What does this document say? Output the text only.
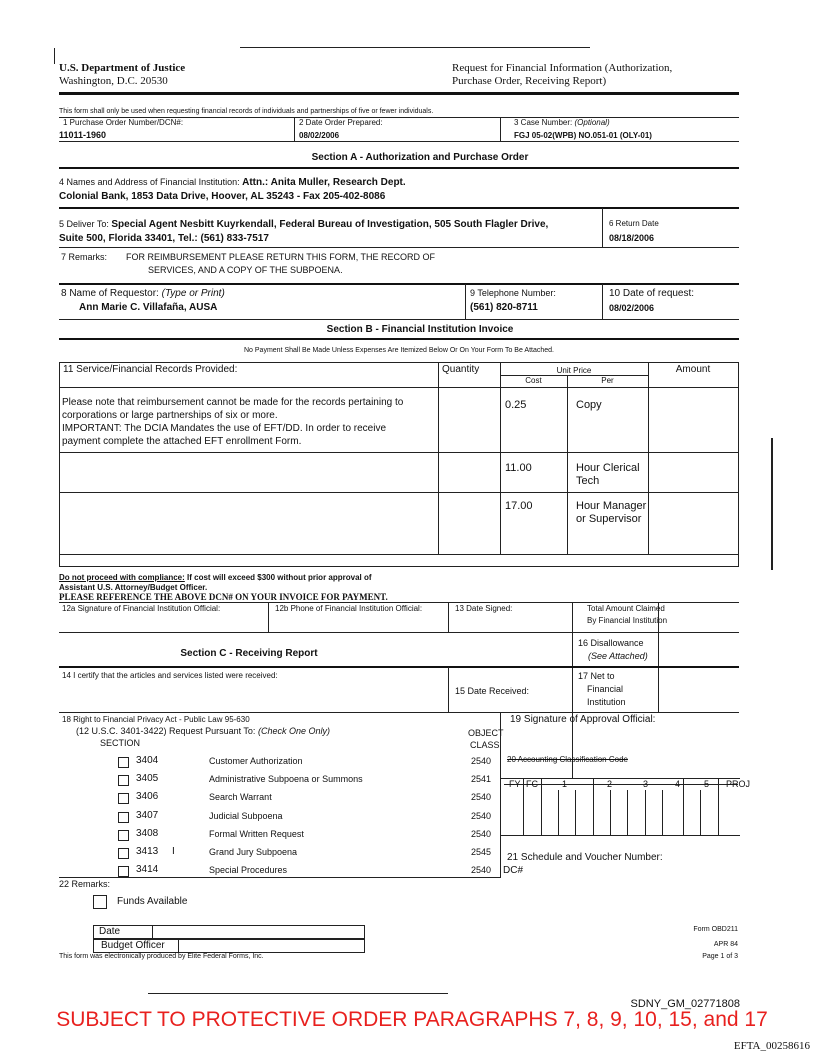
U.S. Department of Justice
Washington, D.C. 20530
Request for Financial Information (Authorization,
Purchase Order, Receiving Report)
This form shall only be used when requesting financial records of individuals and partnerships of five or fewer individuals.
1 Purchase Order Number/DCN#:
11011-1960
2 Date Order Prepared:
08/02/2006
3 Case Number: (Optional)
FGJ 05-02(WPB) NO.051-01 (OLY-01)
Section A - Authorization and Purchase Order
4 Names and Address of Financial Institution: Attn.: Anita Muller, Research Dept.
Colonial Bank, 1853 Data Drive, Hoover, AL 35243 - Fax 205-402-8086
5 Deliver To: Special Agent Nesbitt Kuyrkendall, Federal Bureau of Investigation, 505 South Flagler Drive,
Suite 500, Florida 33401, Tel.: (561) 833-7517
6 Return Date
08/18/2006
7 Remarks: FOR REIMBURSEMENT PLEASE RETURN THIS FORM, THE RECORD OF
SERVICES, AND A COPY OF THE SUBPOENA.
8 Name of Requestor: (Type or Print)
Ann Marie C. Villafaña, AUSA
9 Telephone Number:
(561) 820-8711
10 Date of request:
08/02/2006
Section B - Financial Institution Invoice
No Payment Shall Be Made Unless Expenses Are Itemized Below Or On Your Form To Be Attached.
11 Service/Financial Records Provided:	Quantity	Unit Price	Amount
Cost	Per
Please note that reimbursement cannot be made for the records pertaining to
corporations or large partnerships of six or more.
IMPORTANT: The DCIA Mandates the use of EFT/DD. In order to receive
payment complete the attached EFT enrollment Form.
0.25	Copy
11.00	Hour Clerical
Tech
17.00	Hour Manager
or Supervisor
Do not proceed with compliance: If cost will exceed $300 without prior approval of
Assistant U.S. Attorney/Budget Officer.
PLEASE REFERENCE THE ABOVE DCN# ON YOUR INVOICE FOR PAYMENT.
12a Signature of Financial Institution Official:	12b Phone of Financial Institution Official:	13 Date Signed:	Total Amount Claimed
By Financial Institution
Section C - Receiving Report
16 Disallowance
(See Attached)
14 I certify that the articles and services listed were received:
15 Date Received:
17 Net to
Financial
Institution
18 Right to Financial Privacy Act - Public Law 95-630
(12 U.S.C. 3401-3422) Request Pursuant To: (Check One Only)
SECTION
OBJECT
CLASS
3404	Customer Authorization	2540
3405	Administrative Subpoena or Summons	2541
3406	Search Warrant	2540
3407	Judicial Subpoena	2540
3408	Formal Written Request	2540
3413 I	Grand Jury Subpoena	2545
3414	Special Procedures	2540
19 Signature of Approval Official:
20 Accounting Classification Code
FY FC	1	2	3	4	5 PROJ
21 Schedule and Voucher Number:
DC#
22 Remarks:
Funds Available
Date
Budget Officer
This form was electronically produced by Elite Federal Forms, Inc.
Form OBD211
APR 84
Page 1 of 3
SDNY_GM_02771808
SUBJECT TO PROTECTIVE ORDER PARAGRAPHS 7, 8, 9, 10, 15, and 17
EFTA_00258616
